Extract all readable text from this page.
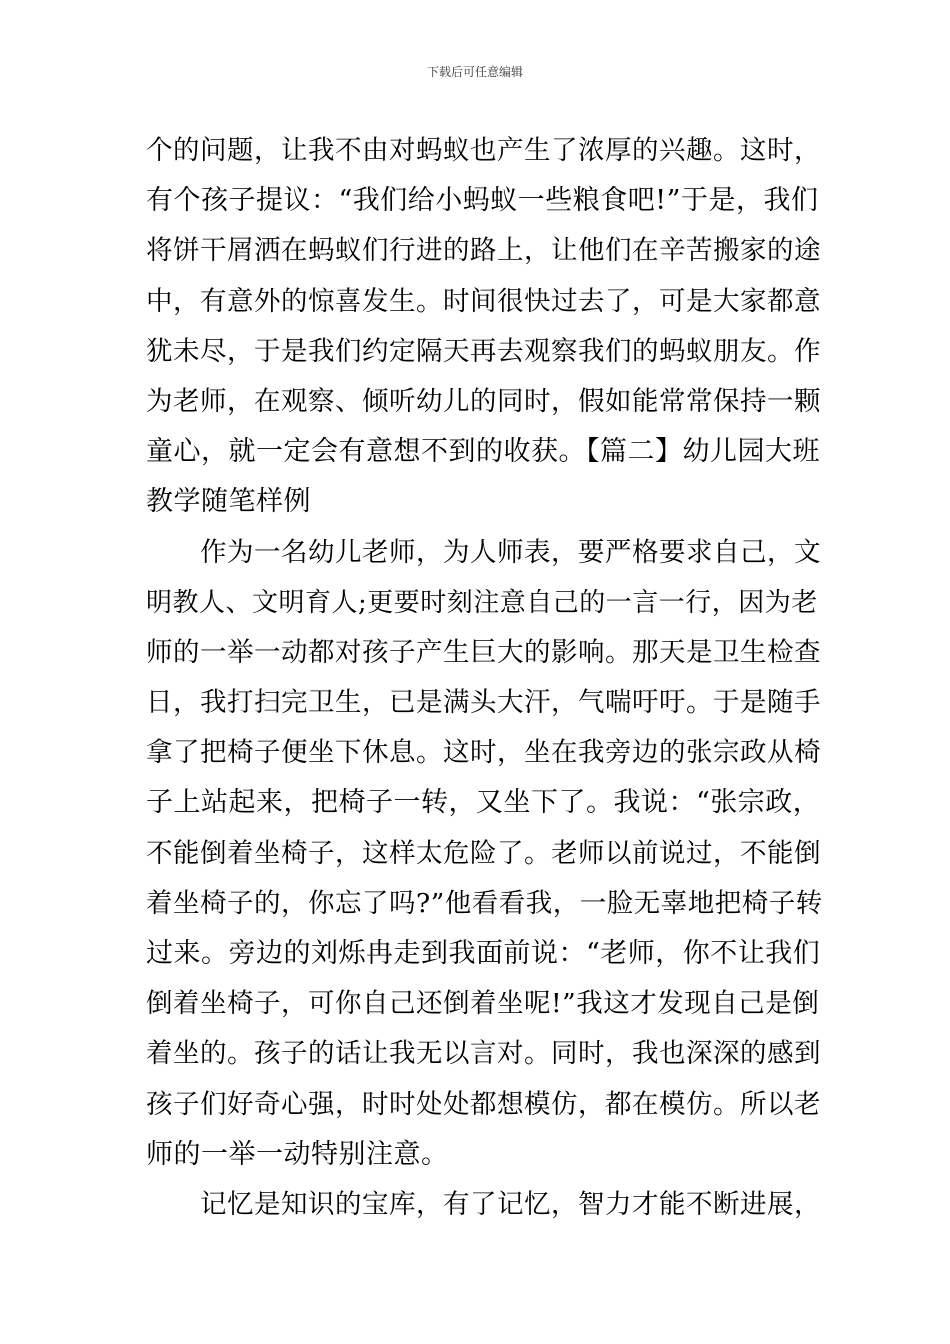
下载后可任意编辑
个的问题，让我不由对蚂蚁也产生了浓厚的兴趣。这时，
有个孩子提议：“我们给小蚂蚁一些粮食吧!”于是，我们
将饼干屑洒在蚂蚁们行进的路上，让他们在辛苦搬家的途
中，有意外的惊喜发生。时间很快过去了，可是大家都意
犹未尽，于是我们约定隔天再去观察我们的蚂蚁朋友。作
为老师，在观察、倾听幼儿的同时，假如能常常保持一颗
童心，就一定会有意想不到的收获。【篇二】幼儿园大班
教学随笔样例
作为一名幼儿老师，为人师表，要严格要求自己，文
明教人、文明育人;更要时刻注意自己的一言一行，因为老
师的一举一动都对孩子产生巨大的影响。那天是卫生检查
日，我打扫完卫生，已是满头大汗，气喘吁吁。于是随手
拿了把椅子便坐下休息。这时，坐在我旁边的张宗政从椅
子上站起来，把椅子一转，又坐下了。我说：“张宗政，
不能倒着坐椅子，这样太危险了。老师以前说过，不能倒
着坐椅子的，你忘了吗?”他看看我，一脸无辜地把椅子转
过来。旁边的刘烁冉走到我面前说：“老师，你不让我们
倒着坐椅子，可你自己还倒着坐呢!”我这才发现自己是倒
着坐的。孩子的话让我无以言对。同时，我也深深的感到
孩子们好奇心强，时时处处都想模仿，都在模仿。所以老
师的一举一动特别注意。
记忆是知识的宝库，有了记忆，智力才能不断进展，
